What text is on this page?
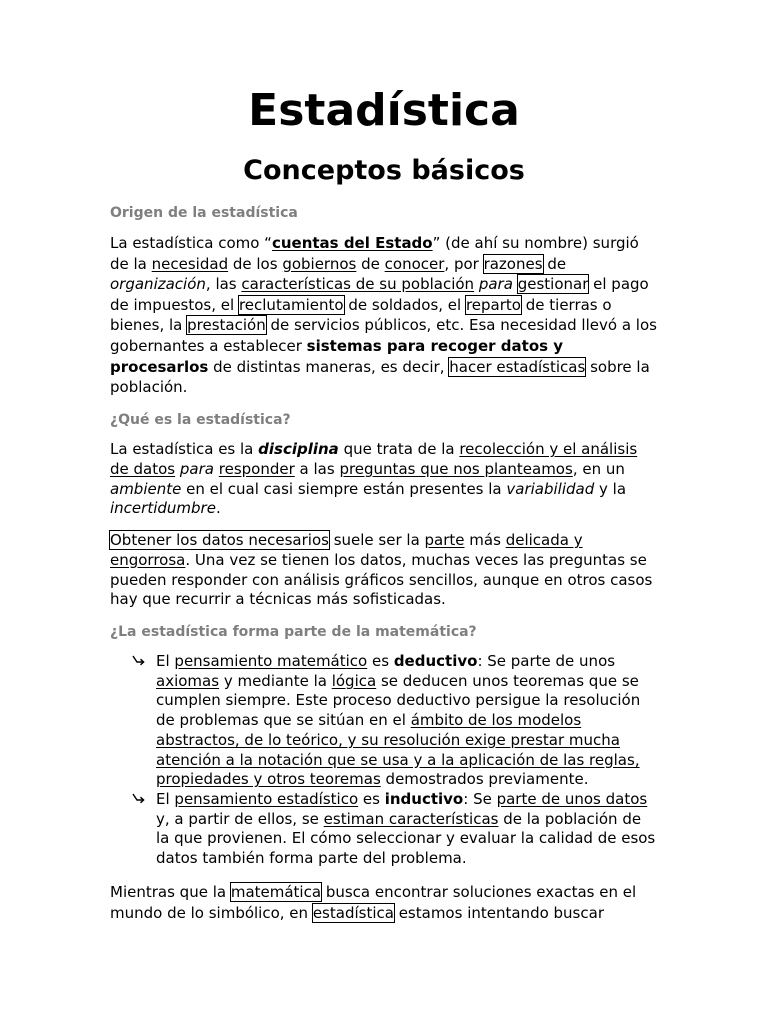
Estadística
Conceptos básicos
Origen de la estadística

La estadística como “cuentas del Estado” (de ahí su nombre) surgió de la necesidad de los gobiernos de conocer, por razones de organización, las características de su población para gestionar el pago de impuestos, el reclutamiento de soldados, el reparto de tierras o bienes, la prestación de servicios públicos, etc. Esa necesidad llevó a los gobernantes a establecer sistemas para recoger datos y procesarlos de distintas maneras, es decir, hacer estadísticas sobre la población.

¿Qué es la estadística?

La estadística es la disciplina que trata de la recolección y el análisis de datos para responder a las preguntas que nos planteamos, en un ambiente en el cual casi siempre están presentes la variabilidad y la incertidumbre.

Obtener los datos necesarios suele ser la parte más delicada y engorrosa. Una vez se tienen los datos, muchas veces las preguntas se pueden responder con análisis gráficos sencillos, aunque en otros casos hay que recurrir a técnicas más sofisticadas.

¿La estadística forma parte de la matemática?
El pensamiento matemático es deductivo: Se parte de unos axiomas y mediante la lógica se deducen unos teoremas que se cumplen siempre. Este proceso deductivo persigue la resolución de problemas que se sitúan en el ámbito de los modelos abstractos, de lo teórico, y su resolución exige prestar mucha atención a la notación que se usa y a la aplicación de las reglas, propiedades y otros teoremas demostrados previamente.
El pensamiento estadístico es inductivo: Se parte de unos datos y, a partir de ellos, se estiman características de la población de la que provienen. El cómo seleccionar y evaluar la calidad de esos datos también forma parte del problema.

Mientras que la matemática busca encontrar soluciones exactas en el mundo de lo simbólico, en estadística estamos intentando buscar
